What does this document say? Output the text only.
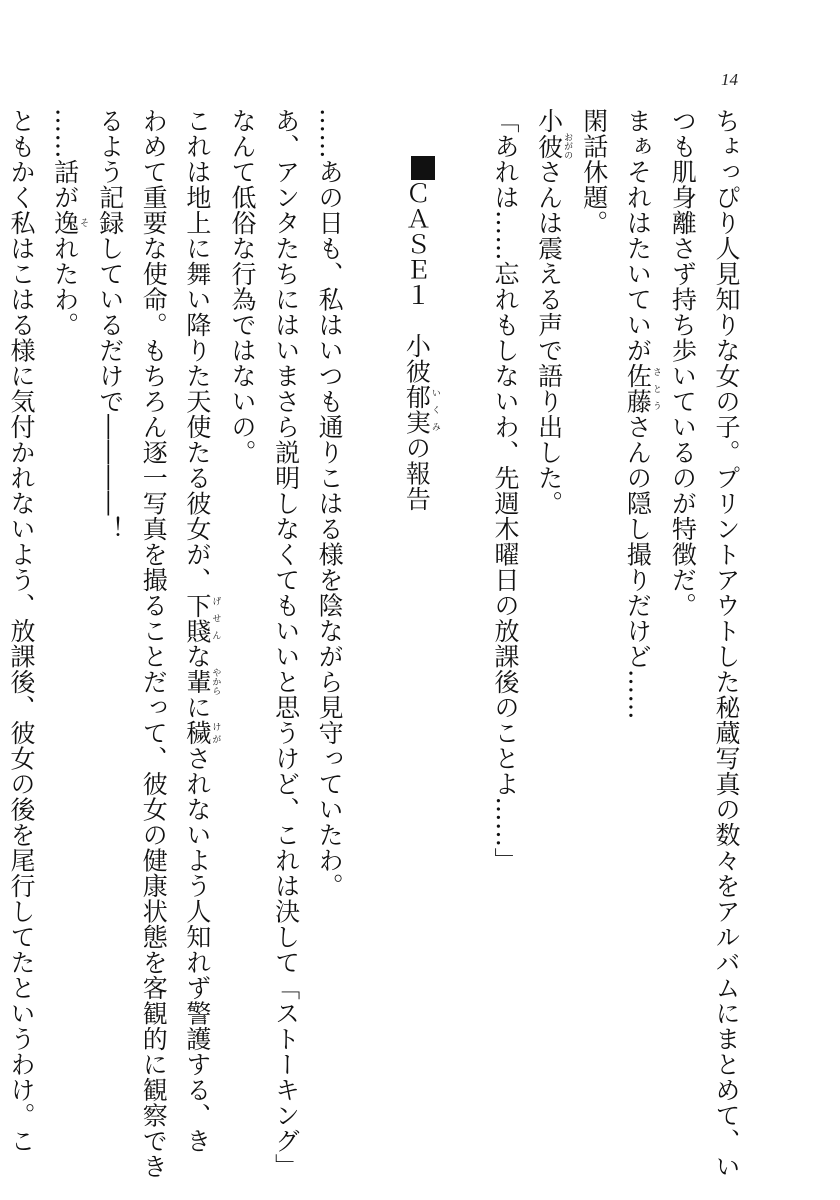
14
ちょっぴり人見知りな女の子。プリントアウトした秘蔵写真の数々をアルバムにまとめて、い
つも肌身離さず持ち歩いているのが特徴だ。
まぁそれはたいていが佐藤さとうさんの隠し撮りだけど……
閑話休題。
小彼おがのさんは震える声で語り出した。
「あれは……忘れもしないわ、先週木曜日の放課後のことよ……」
ＣＡＳＥ１　小彼郁実いくみの報告
……あの日も、私はいつも通りこはる様を陰ながら見守っていたわ。
あ、アンタたちにはいまさら説明しなくてもいいと思うけど、これは決して「ストーキング」
なんて低俗な行為ではないの。
これは地上に舞い降りた天使たる彼女が、下賤げせんな輩やからに穢けがされないよう人知れず警護する、き
わめて重要な使命。もちろん逐一写真を撮ることだって、彼女の健康状態を客観的に観察でき
るよう記録しているだけで――――！
……話が逸それたわ。
ともかく私はこはる様に気付かれないよう、放課後、彼女の後を尾行してたというわけ。こ
